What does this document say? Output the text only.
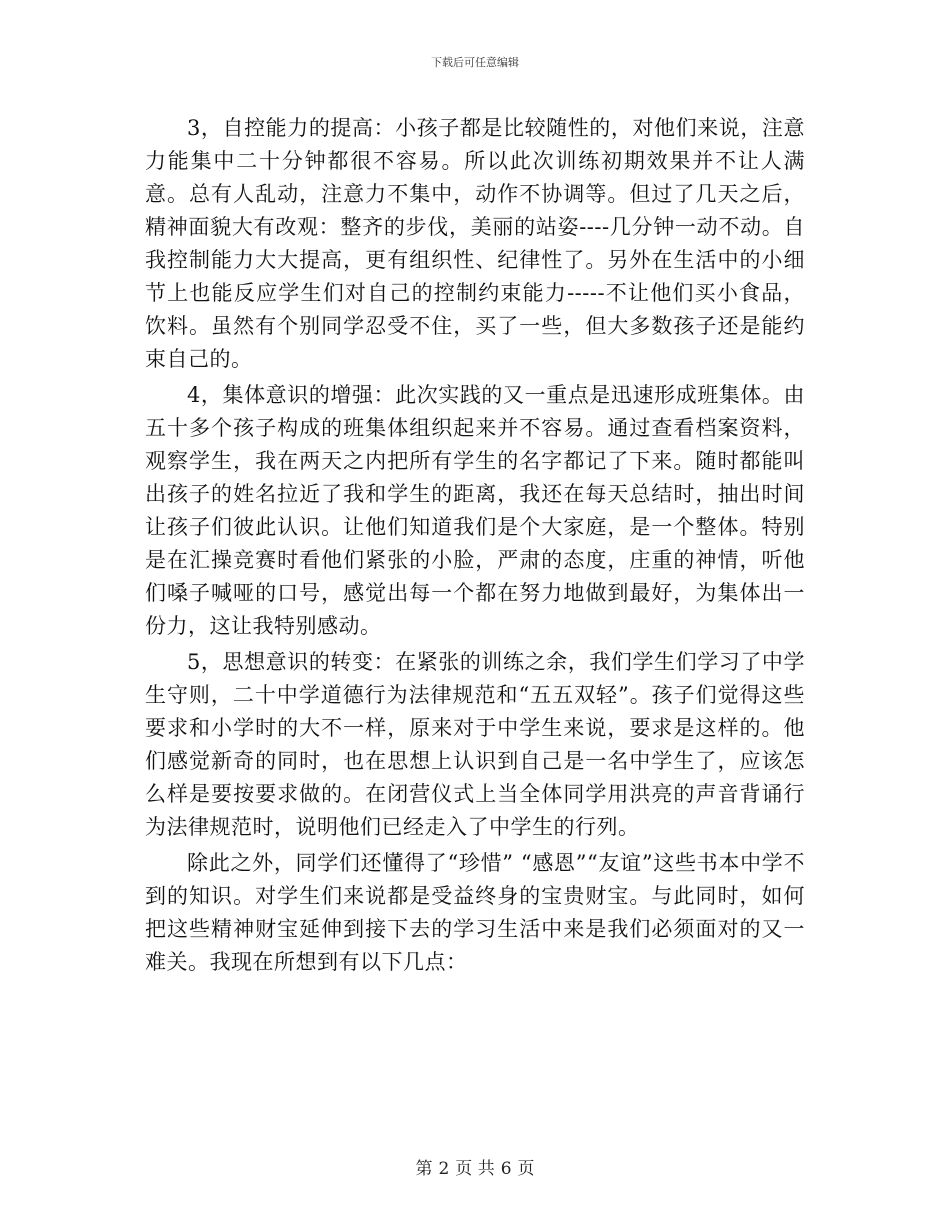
下载后可任意编辑

3，自控能力的提高：小孩子都是比较随性的，对他们来说，注意力能集中二十分钟都很不容易。所以此次训练初期效果并不让人满意。总有人乱动，注意力不集中，动作不协调等。但过了几天之后，精神面貌大有改观：整齐的步伐，美丽的站姿----几分钟一动不动。自我控制能力大大提高，更有组织性、纪律性了。另外在生活中的小细节上也能反应学生们对自己的控制约束能力-----不让他们买小食品，饮料。虽然有个别同学忍受不住，买了一些，但大多数孩子还是能约束自己的。

4，集体意识的增强：此次实践的又一重点是迅速形成班集体。由五十多个孩子构成的班集体组织起来并不容易。通过查看档案资料，观察学生，我在两天之内把所有学生的名字都记了下来。随时都能叫出孩子的姓名拉近了我和学生的距离，我还在每天总结时，抽出时间让孩子们彼此认识。让他们知道我们是个大家庭，是一个整体。特别是在汇操竞赛时看他们紧张的小脸，严肃的态度，庄重的神情，听他们嗓子喊哑的口号，感觉出每一个都在努力地做到最好，为集体出一份力，这让我特别感动。

5，思想意识的转变：在紧张的训练之余，我们学生们学习了中学生守则，二十中学道德行为法律规范和“五五双轻”。孩子们觉得这些要求和小学时的大不一样，原来对于中学生来说，要求是这样的。他们感觉新奇的同时，也在思想上认识到自己是一名中学生了，应该怎么样是要按要求做的。在闭营仪式上当全体同学用洪亮的声音背诵行为法律规范时，说明他们已经走入了中学生的行列。

除此之外，同学们还懂得了“珍惜” “感恩”“友谊”这些书本中学不到的知识。对学生们来说都是受益终身的宝贵财宝。与此同时，如何把这些精神财宝延伸到接下去的学习生活中来是我们必须面对的又一难关。我现在所想到有以下几点：

第 2 页 共 6 页
